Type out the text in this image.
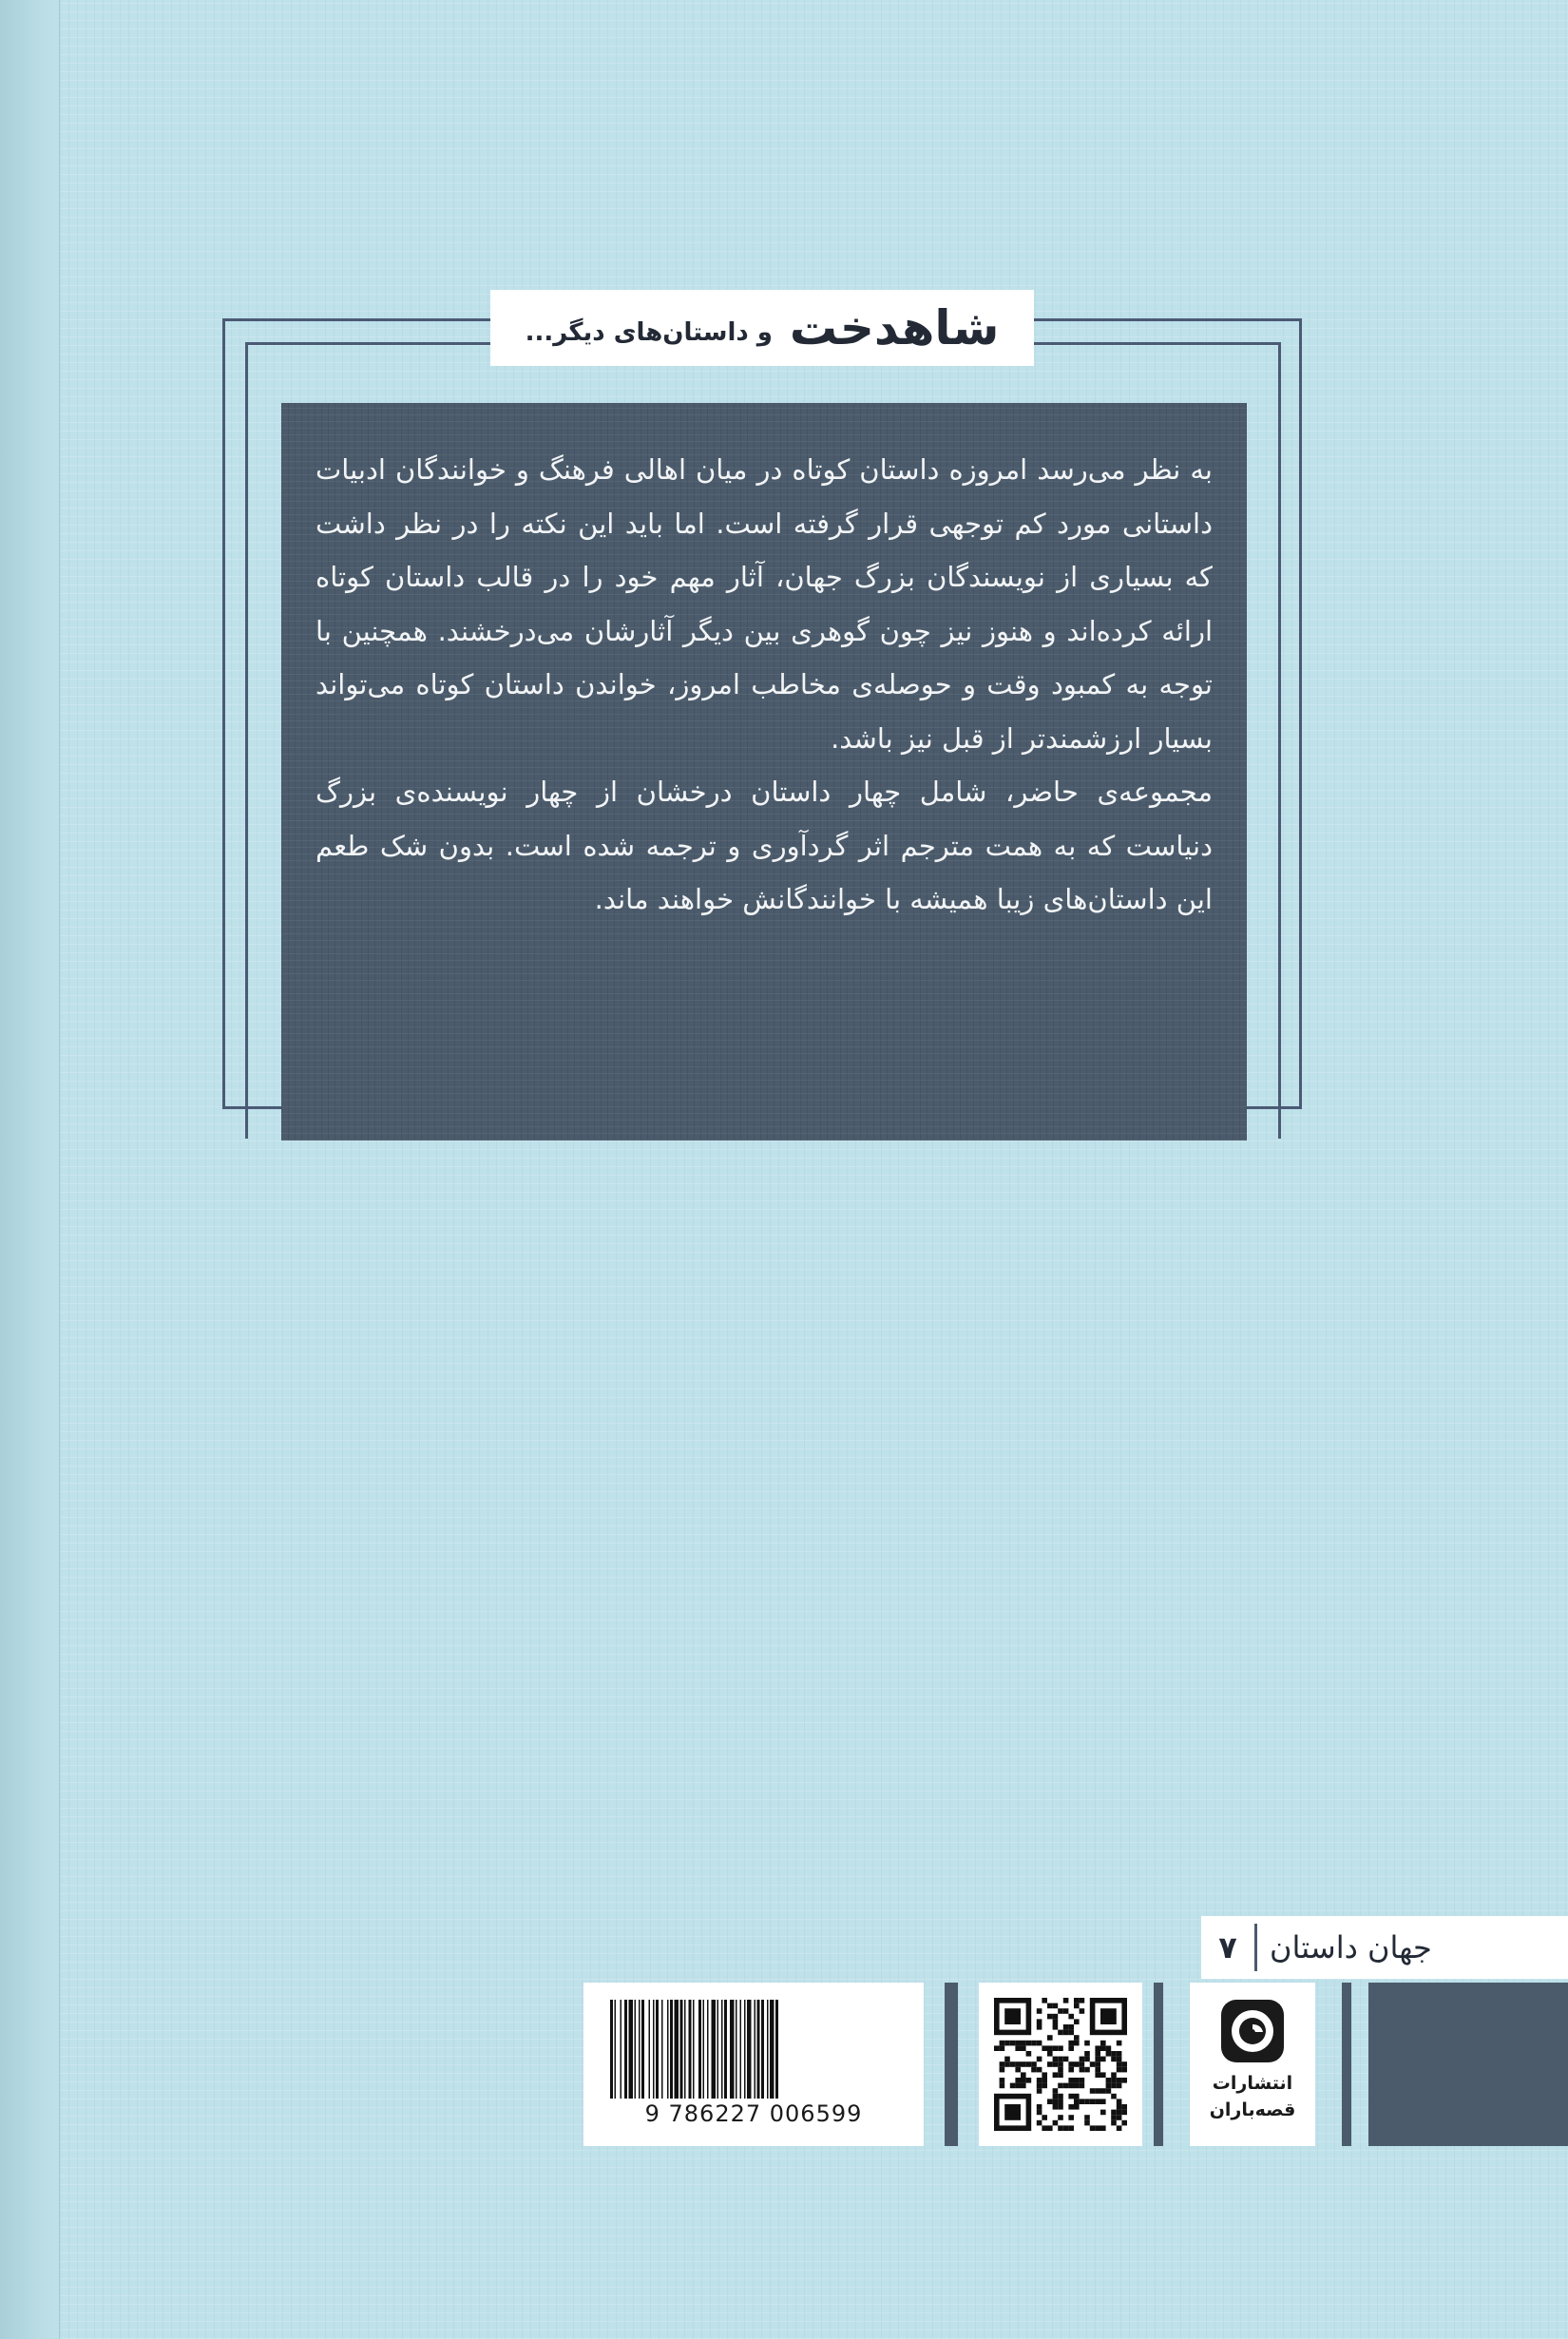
شاهدخت
و داستان‌های دیگر...

به نظر می‌رسد امروزه داستان کوتاه در میان اهالی فرهنگ و خوانندگان ادبیات داستانی مورد کم توجهی قرار گرفته است. اما باید این نکته را در نظر داشت که بسیاری از نویسندگان بزرگ جهان، آثار مهم خود را در قالب داستان کوتاه ارائه کرده‌اند و هنوز نیز چون گوهری بین دیگر آثارشان می‌درخشند. همچنین با توجه به کمبود وقت و حوصله‌ی مخاطب امروز، خواندن داستان کوتاه می‌تواند بسیار ارزشمندتر از قبل نیز باشد.

مجموعه‌ی حاضر، شامل چهار داستان درخشان از چهار نویسنده‌ی بزرگ دنیاست که به همت مترجم اثر گردآوری و ترجمه شده است. بدون شک طعم این داستان‌های زیبا همیشه با خوانندگانش خواهند ماند.

۷	جهان داستان
9 786227 006599
انتشارات
قصه‌باران
